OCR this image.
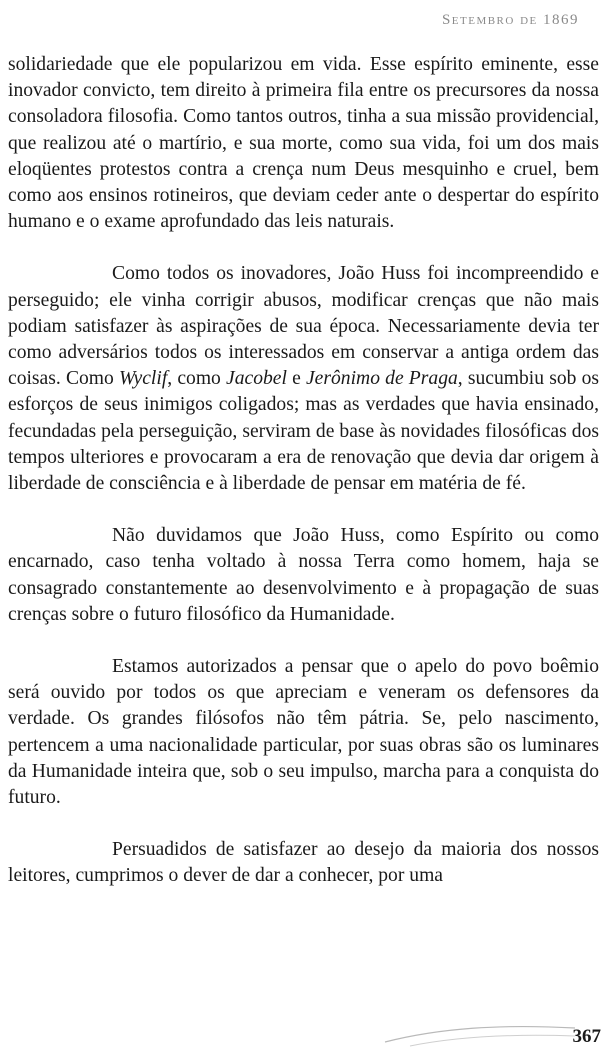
Setembro de 1869

solidariedade que ele popularizou em vida. Esse espírito eminente, esse inovador convicto, tem direito à primeira fila entre os precursores da nossa consoladora filosofia. Como tantos outros, tinha a sua missão providencial, que realizou até o martírio, e sua morte, como sua vida, foi um dos mais eloqüentes protestos contra a crença num Deus mesquinho e cruel, bem como aos ensinos rotineiros, que deviam ceder ante o despertar do espírito humano e o exame aprofundado das leis naturais.

Como todos os inovadores, João Huss foi incompreendido e perseguido; ele vinha corrigir abusos, modificar crenças que não mais podiam satisfazer às aspirações de sua época. Necessariamente devia ter como adversários todos os interessados em conservar a antiga ordem das coisas. Como Wyclif, como Jacobel e Jerônimo de Praga, sucumbiu sob os esforços de seus inimigos coligados; mas as verdades que havia ensinado, fecundadas pela perseguição, serviram de base às novidades filosóficas dos tempos ulteriores e provocaram a era de renovação que devia dar origem à liberdade de consciência e à liberdade de pensar em matéria de fé.

Não duvidamos que João Huss, como Espírito ou como encarnado, caso tenha voltado à nossa Terra como homem, haja se consagrado constantemente ao desenvolvimento e à propagação de suas crenças sobre o futuro filosófico da Humanidade.

Estamos autorizados a pensar que o apelo do povo boêmio será ouvido por todos os que apreciam e veneram os defensores da verdade. Os grandes filósofos não têm pátria. Se, pelo nascimento, pertencem a uma nacionalidade particular, por suas obras são os luminares da Humanidade inteira que, sob o seu impulso, marcha para a conquista do futuro.

Persuadidos de satisfazer ao desejo da maioria dos nossos leitores, cumprimos o dever de dar a conhecer, por uma

367
